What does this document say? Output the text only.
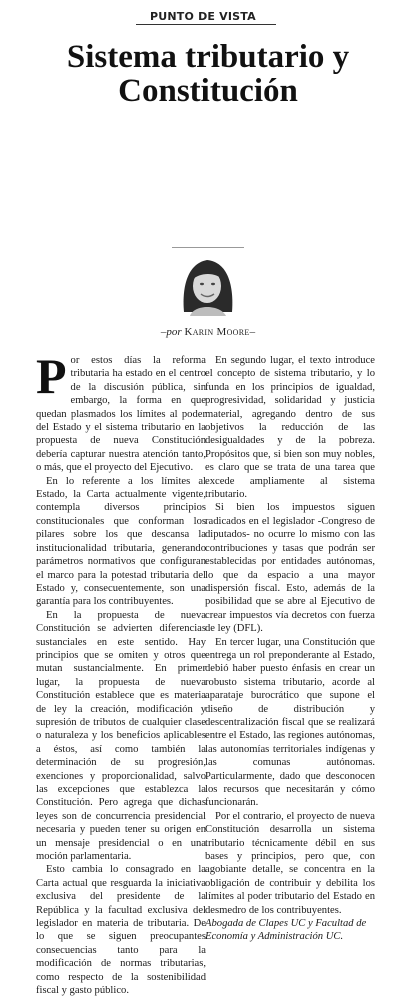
PUNTO DE VISTA
Sistema tributario y Constitución
–por Karin Moore–

Por estos días la reforma tributaria ha estado en el centro de la discusión pública, sin embargo, la forma en que quedan plasmados los límites al poder del Estado y el sistema tributario en la propuesta de nueva Constitución debería capturar nuestra atención tanto, o más, que el proyecto del Ejecutivo.

En lo referente a los límites al Estado, la Carta actualmente vigente, contempla diversos principios constitucionales que conforman los pilares sobre los que descansa la institucionalidad tributaria, generando parámetros normativos que configuran el marco para la potestad tributaria del Estado y, consecuentemente, son una garantía para los contribuyentes.

En la propuesta de nueva Constitución se advierten diferencias sustanciales en este sentido. Hay principios que se omiten y otros que mutan sustancialmente. En primer lugar, la propuesta de nueva Constitución establece que es materia de ley la creación, modificación y supresión de tributos de cualquier clase o naturaleza y los beneficios aplicables a éstos, así como también la determinación de su progresión, exenciones y proporcionalidad, salvo las excepciones que establezca la Constitución. Pero agrega que dichas leyes son de concurrencia presidencial necesaria y pueden tener su origen en un mensaje presidencial o en una moción parlamentaria.

Esto cambia lo consagrado en la Carta actual que resguarda la iniciativa exclusiva del presidente de la República y la facultad exclusiva del legislador en materia de tributaria. De lo que se siguen preocupantes consecuencias tanto para la modificación de normas tributarias, como respecto de la sostenibilidad fiscal y gasto público.

En segundo lugar, el texto introduce el concepto de sistema tributario, y lo funda en los principios de igualdad, progresividad, solidaridad y justicia material, agregando dentro de sus objetivos la reducción de las desigualdades y de la pobreza. Propósitos que, si bien son muy nobles, es claro que se trata de una tarea que excede ampliamente al sistema tributario.

Si bien los impuestos siguen radicados en el legislador -Congreso de diputados- no ocurre lo mismo con las contribuciones y tasas que podrán ser establecidas por entidades autónomas, lo que da espacio a una mayor dispersión fiscal. Esto, además de la posibilidad que se abre al Ejecutivo de crear impuestos vía decretos con fuerza de ley (DFL).

En tercer lugar, una Constitución que entrega un rol preponderante al Estado, debió haber puesto énfasis en crear un robusto sistema tributario, acorde al aparataje burocrático que supone el diseño de distribución y descentralización fiscal que se realizará entre el Estado, las regiones autónomas, las autonomías territoriales indígenas y las comunas autónomas. Particularmente, dado que desconocen los recursos que necesitarán y cómo funcionarán.

Por el contrario, el proyecto de nueva Constitución desarrolla un sistema tributario técnicamente débil en sus bases y principios, pero que, con agobiante detalle, se concentra en la obligación de contribuir y debilita los límites al poder tributario del Estado en desmedro de los contribuyentes.

Abogada de Clapes UC y Facultad de Economía y Administración UC.
